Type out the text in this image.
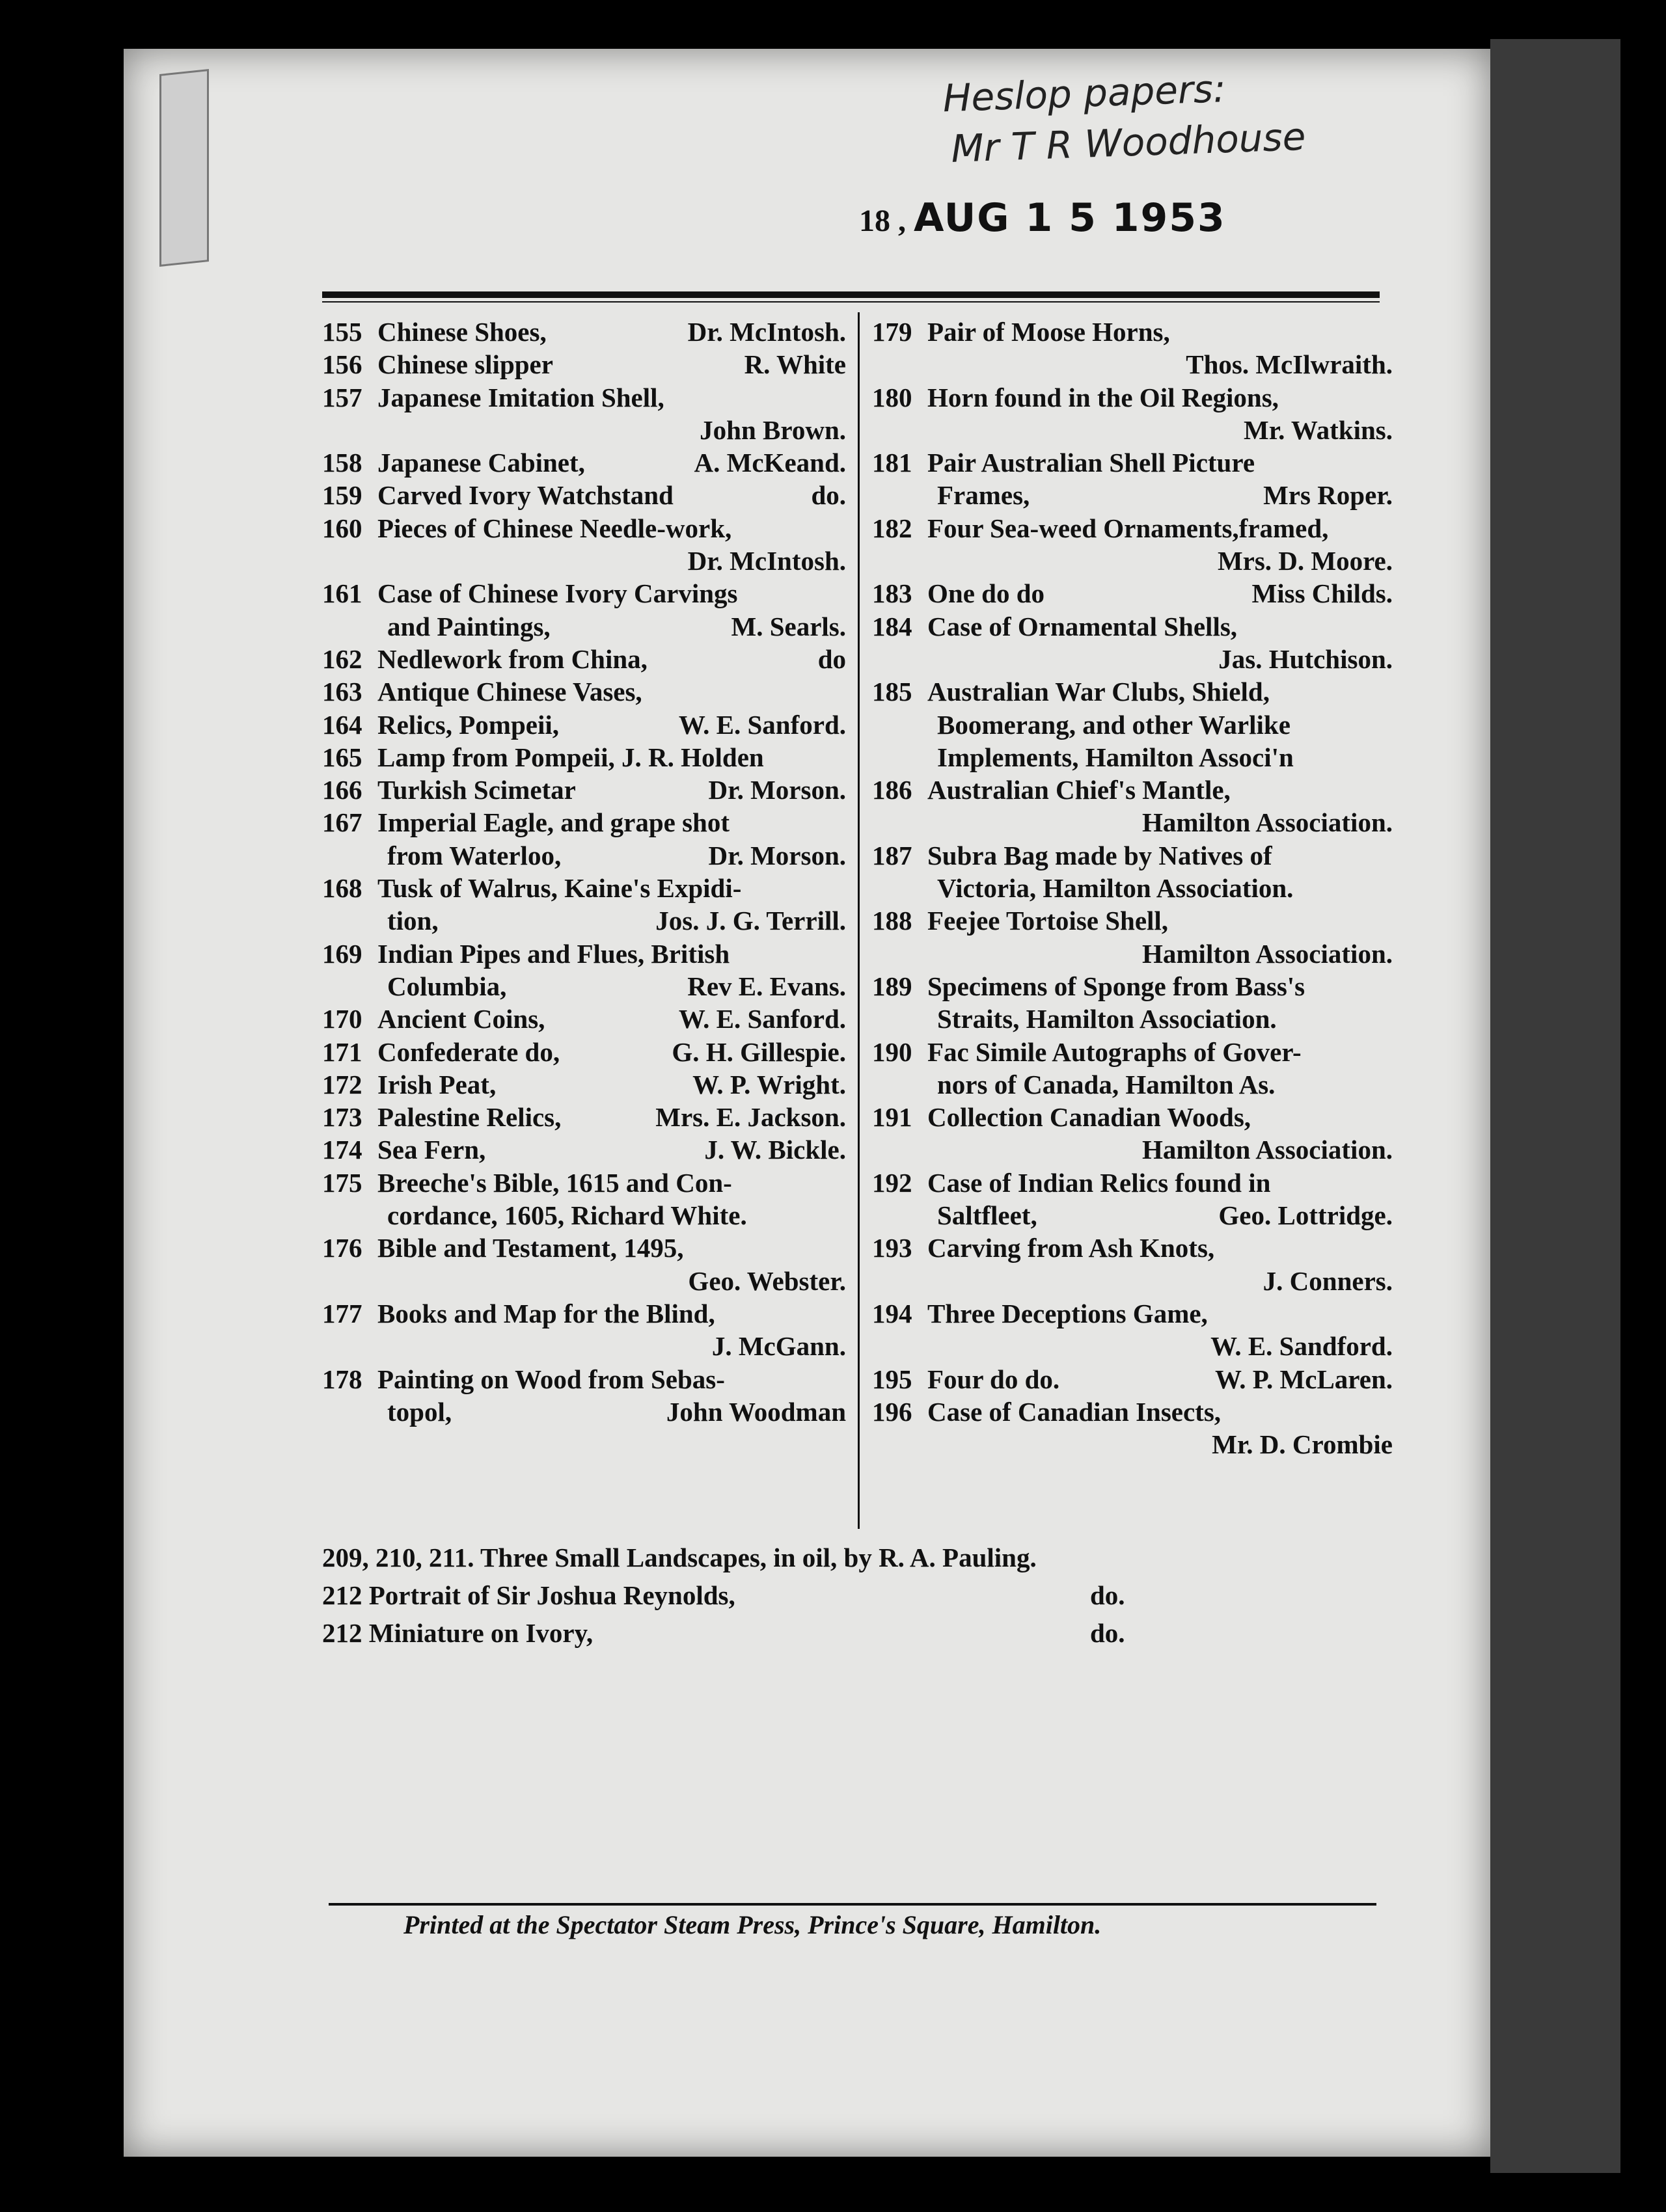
Heslop papers:
Mr T R Woodhouse
18 , AUG 1 5 1953
155 Chinese Shoes,	Dr. McIntosh.
156 Chinese slipper	R. White
157 Japanese Imitation Shell,
John Brown.
158 Japanese Cabinet,	A. McKeand.
159 Carved Ivory Watchstand	do.
160 Pieces of Chinese Needle-work,
Dr. McIntosh.
161 Case of Chinese Ivory Carvings
and Paintings,	M. Searls.
162 Nedlework from China,	do
163 Antique Chinese Vases,
164 Relics, Pompeii,	W. E. Sanford.
165 Lamp from Pompeii, J. R. Holden
166 Turkish Scimetar	Dr. Morson.
167 Imperial Eagle, and grape shot
from Waterloo,	Dr. Morson.
168 Tusk of Walrus, Kaine's Expidi-
tion,	Jos. J. G. Terrill.
169 Indian Pipes and Flues, British
Columbia,	Rev E. Evans.
170 Ancient Coins,	W. E. Sanford.
171 Confederate do,	G. H. Gillespie.
172 Irish Peat,	W. P. Wright.
173 Palestine Relics,	Mrs. E. Jackson.
174 Sea Fern,	J. W. Bickle.
175 Breeche's Bible, 1615 and Con-
cordance, 1605, Richard White.
176 Bible and Testament, 1495,
Geo. Webster.
177 Books and Map for the Blind,
J. McGann.
178 Painting on Wood from Sebas-
topol,	John Woodman
179 Pair of Moose Horns,
Thos. McIlwraith.
180 Horn found in the Oil Regions,
Mr. Watkins.
181 Pair Australian Shell Picture
Frames,	Mrs Roper.
182 Four Sea-weed Ornaments,framed,
Mrs. D. Moore.
183 One do do	Miss Childs.
184 Case of Ornamental Shells,
Jas. Hutchison.
185 Australian War Clubs, Shield,
Boomerang, and other Warlike
Implements, Hamilton Associ'n
186 Australian Chief's Mantle,
Hamilton Association.
187 Subra Bag made by Natives of
Victoria, Hamilton Association.
188 Feejee Tortoise Shell,
Hamilton Association.
189 Specimens of Sponge from Bass's
Straits, Hamilton Association.
190 Fac Simile Autographs of Gover-
nors of Canada, Hamilton As.
191 Collection Canadian Woods,
Hamilton Association.
192 Case of Indian Relics found in
Saltfleet,	Geo. Lottridge.
193 Carving from Ash Knots,
J. Conners.
194 Three Deceptions Game,
W. E. Sandford.
195 Four do do.	W. P. McLaren.
196 Case of Canadian Insects,
Mr. D. Crombie
209, 210, 211. Three Small Landscapes, in oil, by R. A. Pauling.
212 Portrait of Sir Joshua Reynolds,	do.
212 Miniature on Ivory,	do.
Printed at the Spectator Steam Press, Prince's Square, Hamilton.
